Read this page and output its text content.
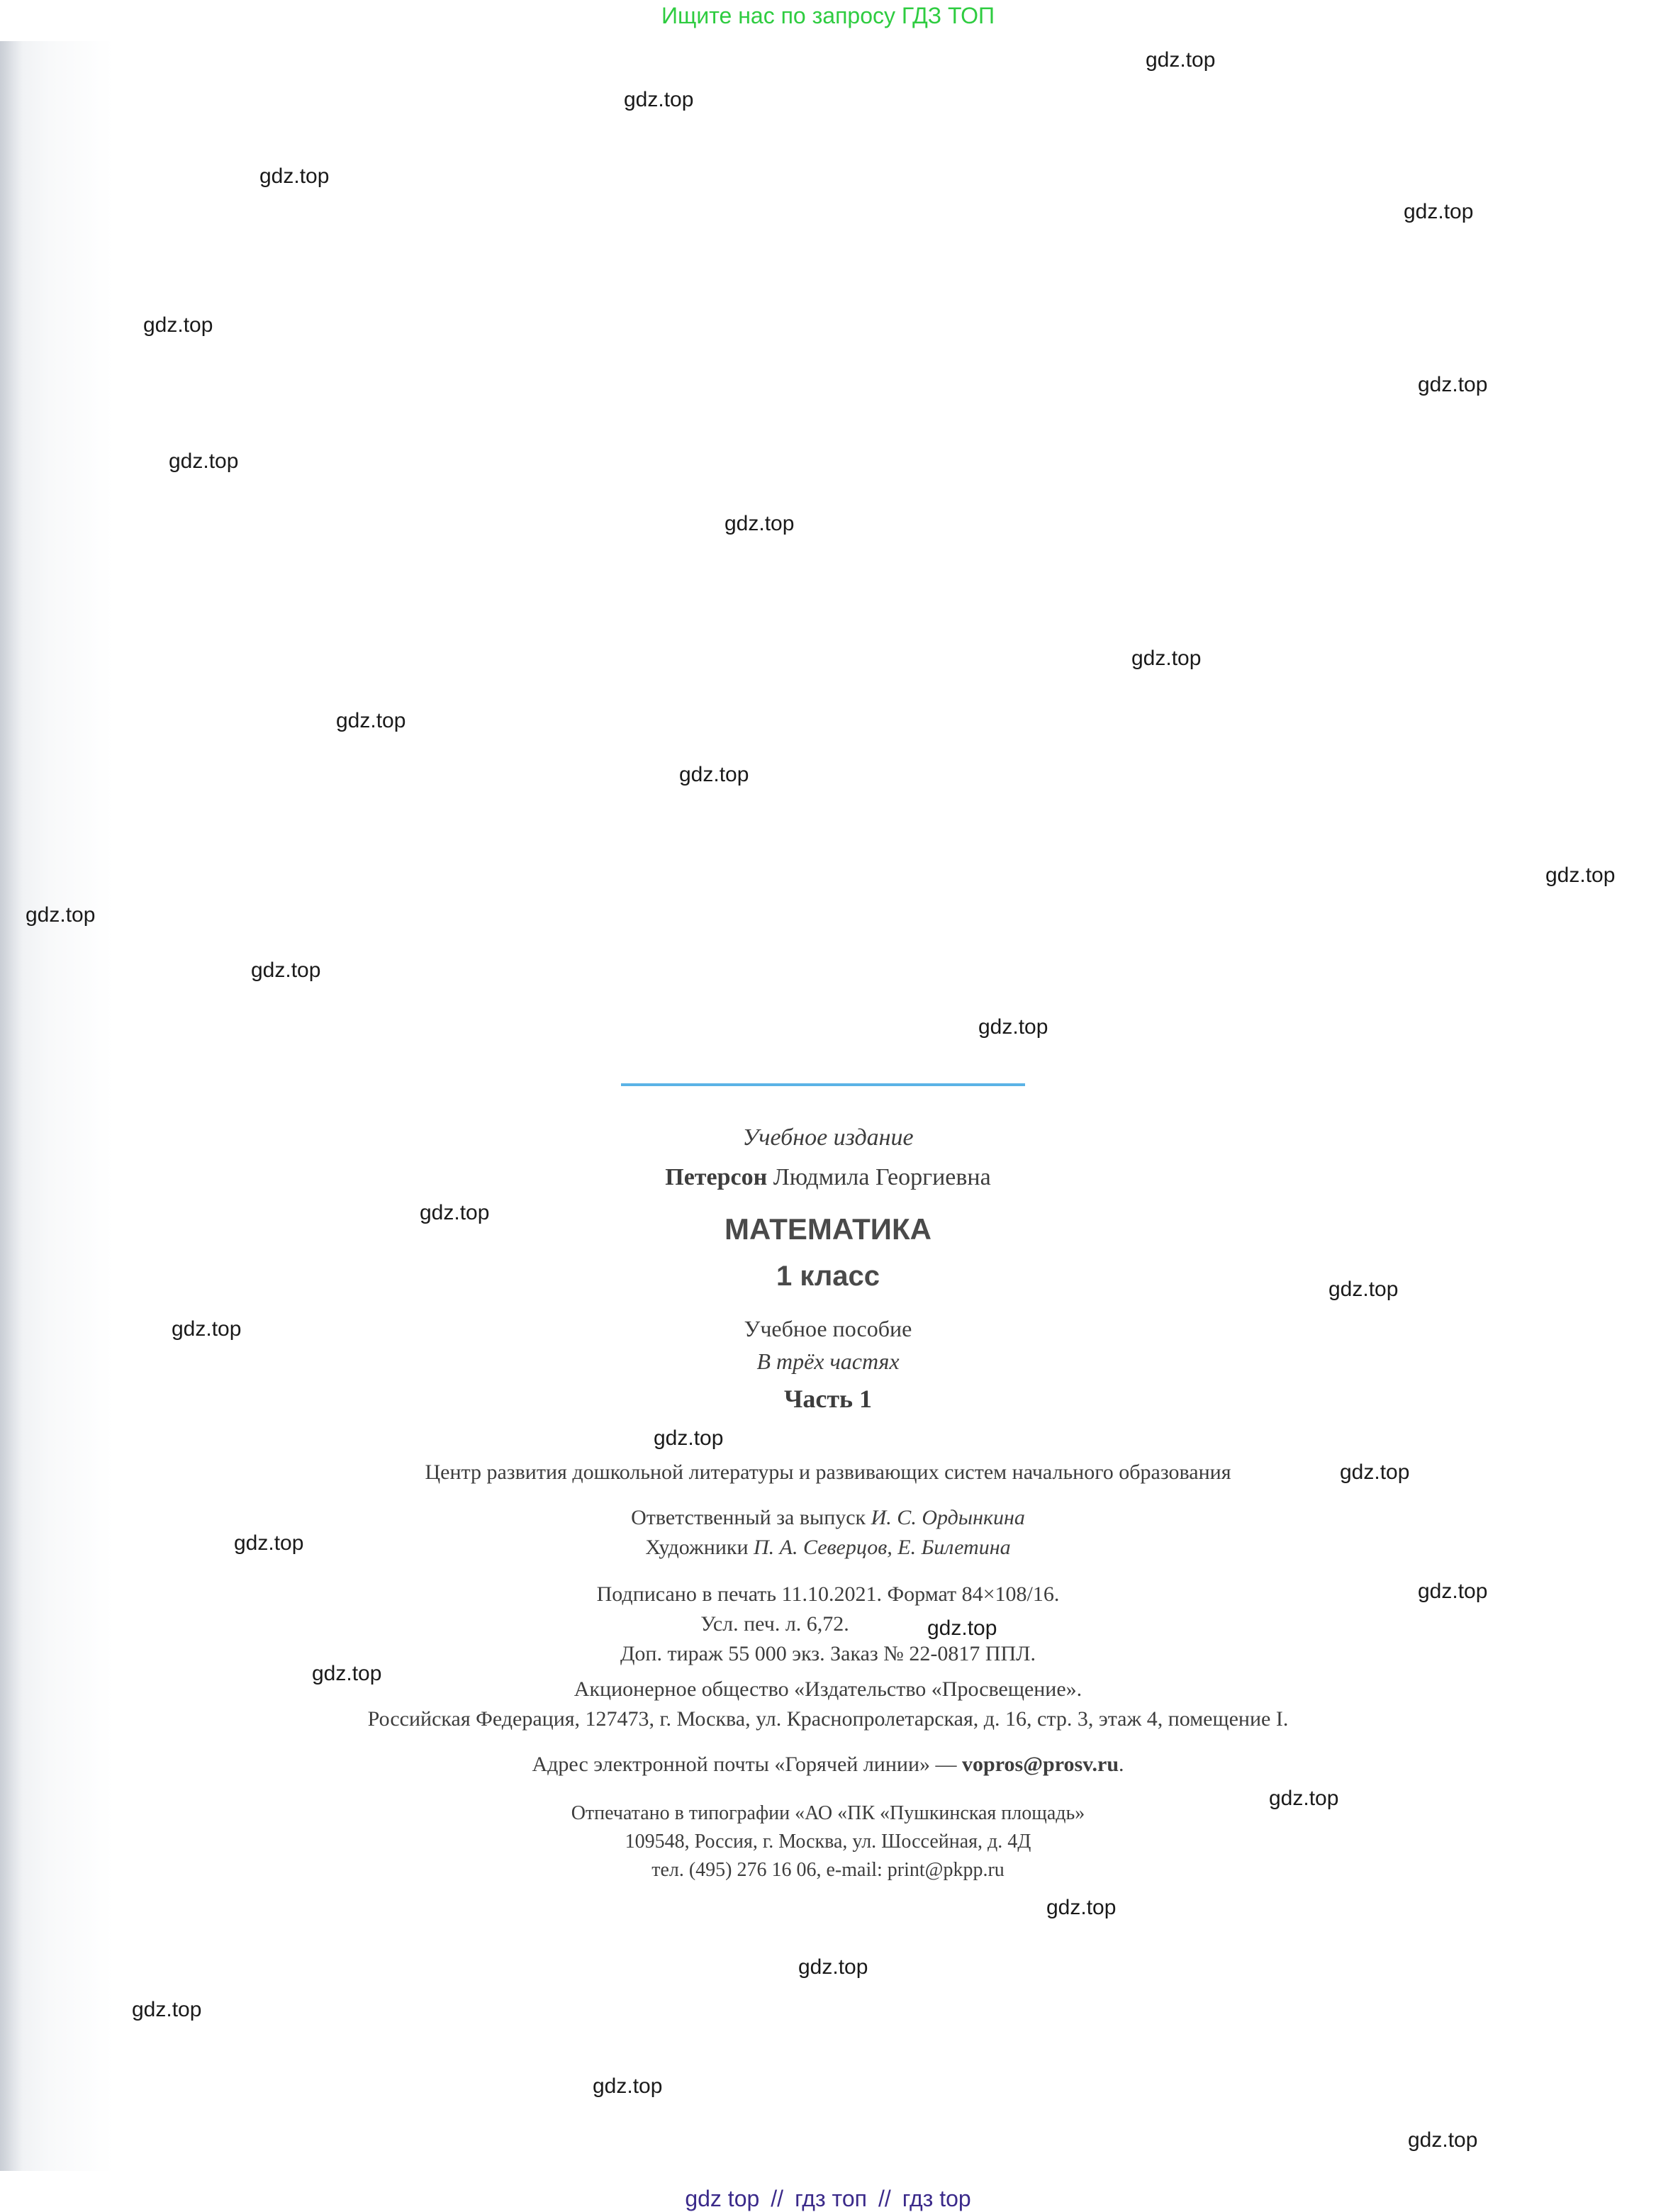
Ищите нас по запросу ГДЗ ТОП
gdz.top
gdz.top
gdz.top
gdz.top
gdz.top
gdz.top
gdz.top
gdz.top
gdz.top
gdz.top
gdz.top
gdz.top
gdz.top
gdz.top
gdz.top
gdz.top
gdz.top
gdz.top
gdz.top
gdz.top
gdz.top
gdz.top
gdz.top
gdz.top
gdz.top
gdz.top
gdz.top
gdz.top
gdz.top
gdz.top
Учебное издание
Петерсон Людмила Георгиевна
МАТЕМАТИКА
1 класс
Учебное пособие
В трёх частях
Часть 1
Центр развития дошкольной литературы и развивающих систем начального образования
Ответственный за выпуск И. С. Ордынкина
Художники П. А. Северцов, Е. Билетина
Подписано в печать 11.10.2021. Формат 84×108/16.
Усл. печ. л. 6,72.
Доп. тираж 55 000 экз. Заказ № 22-0817 ППЛ.
Акционерное общество «Издательство «Просвещение».
Российская Федерация, 127473, г. Москва, ул. Краснопролетарская, д. 16, стр. 3, этаж 4, помещение I.
Адрес электронной почты «Горячей линии» — vopros@prosv.ru.
Отпечатано в типографии «АО «ПК «Пушкинская площадь»
109548, Россия, г. Москва, ул. Шоссейная, д. 4Д
тел. (495) 276 16 06, e-mail: print@pkpp.ru
gdz top // гдз топ // гдз top
